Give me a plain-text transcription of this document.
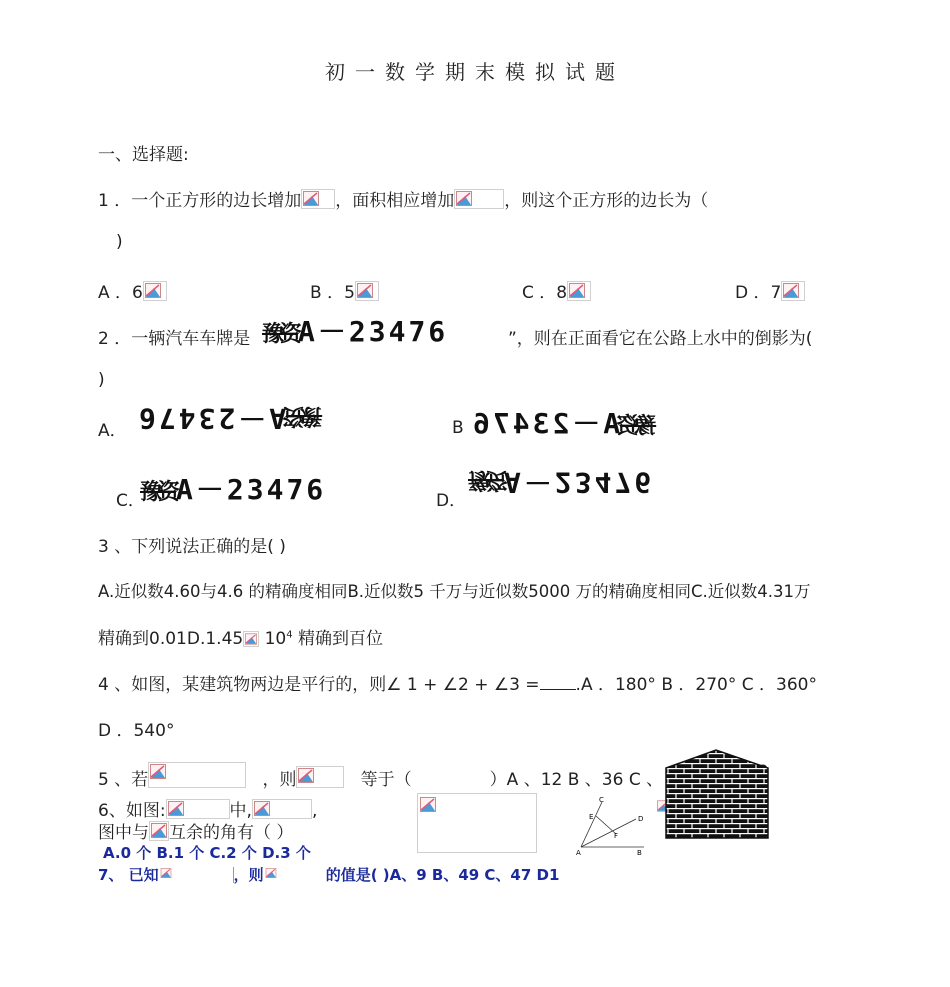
初一数学期末模拟试题
一、选择题:
1 ．一个正方形的边长增加 ，面积相应增加	，则这个正方形的边长为（
)
A ．6	B ．5	C ．8	D ．7
2 ．一辆汽车车牌是 豫资A－23476	”，则在正面看它在公路上水中的倒影为(
)
A．
豫资A－23476	B	豫资A－23476
C．
豫资A－23476	D．
豫资A－23476
3 、下列说法正确的是( )
A.近似数4.60与4.6 的精确度相同B.近似数5 千万与近似数5000 万的精确度相同C.近似数4.31万
精确到0.01D.1.45 $10^4$ 精确到百位
4 、如图，某建筑物两边是平行的，则∠ 1 + ∠2 + ∠3 = .A ．180° B ．270° C ．360°
D ．540°
5 、若	，则	等于（	）A 、12 B 、36 C 、
6、如图:	中,	,
图中与 互余的角有（ ）
A.0 个 B.1 个 C.2 个 D.3 个
C
E	D
F
A	B
7、 已知	，则	的值是( )A、9 B、49 C、47 D1
